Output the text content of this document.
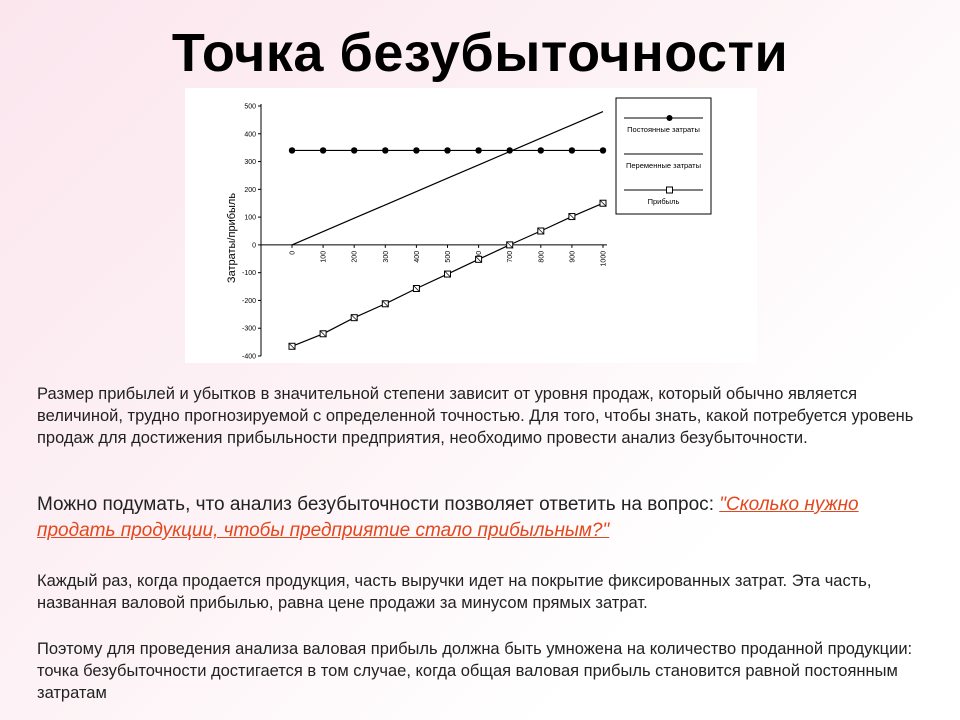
Точка безубыточности
500
400
300
200
100
0
-100
-200
-300
-400
0	100	200	300	400	500	700	800	900	1000
Постоянные затраты
Переменные затраты
Прибыль
Затраты/прибыль
Размер прибылей и убытков в значительной степени зависит от уровня продаж, который обычно является величиной, трудно прогнозируемой с определенной точностью. Для того, чтобы знать, какой потребуется уровень продаж для достижения прибыльности предприятия, необходимо провести анализ безубыточности.
Можно подумать, что анализ безубыточности позволяет ответить на вопрос: "Сколько нужно продать продукции, чтобы предприятие стало прибыльным?"
Каждый раз, когда продается продукция, часть выручки идет на покрытие фиксированных затрат. Эта часть, названная валовой прибылью, равна цене продажи за минусом прямых затрат.
Поэтому для проведения анализа валовая прибыль должна быть умножена на количество проданной продукции: точка безубыточности достигается в том случае, когда общая валовая прибыль становится равной постоянным затратам
